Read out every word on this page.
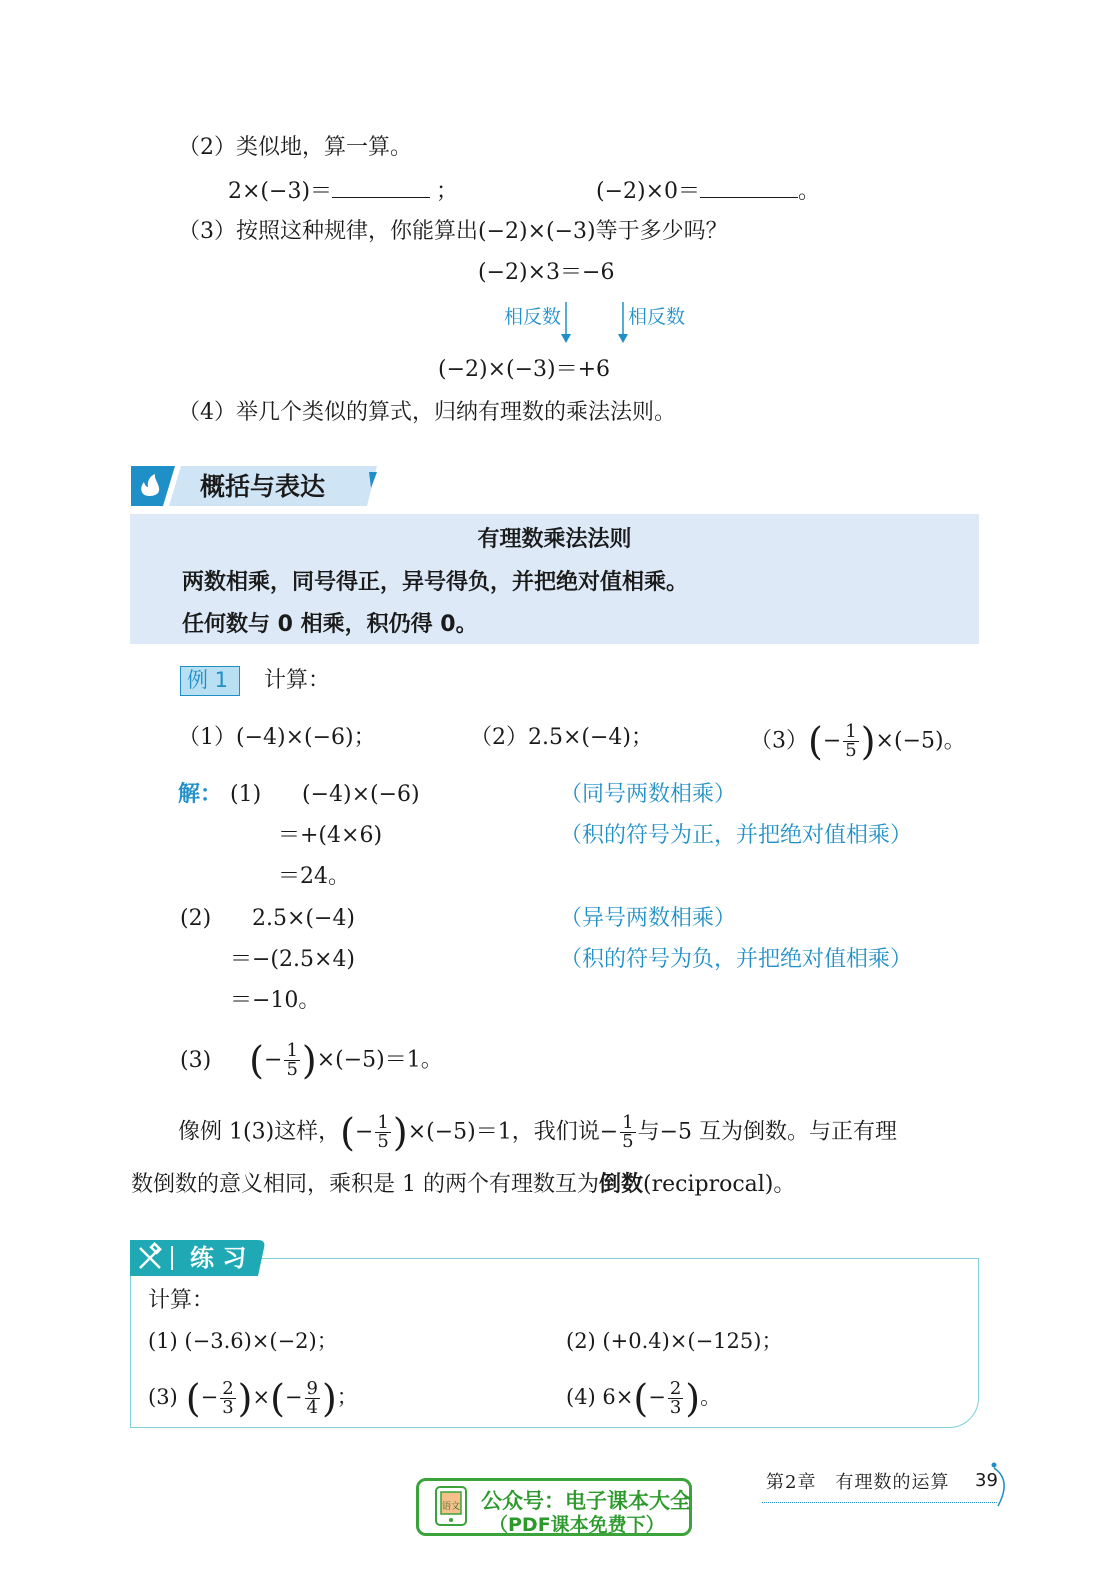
（2）类似地，算一算。
2×(−3)＝	；	(−2)×0＝	。
（3）按照这种规律，你能算出(−2)×(−3)等于多少吗？
(−2)×3＝−6
相反数	相反数
(−2)×(−3)＝+6
（4）举几个类似的算式，归纳有理数的乘法法则。
概括与表达
有理数乘法法则
两数相乘，同号得正，异号得负，并把绝对值相乘。
任何数与 0 相乘，积仍得 0。
例 1	计算：
（1）(−4)×(−6)；	（2）2.5×(−4)；	$(3)(- \frac{1}{5} )\times(-5)$。
解： (1) (−4)×(−6)
＝+(4×6)
＝24。
（同号两数相乘）
（积的符号为正，并把绝对值相乘）
(2) 2.5×(−4)
＝−(2.5×4)
＝−10。
（异号两数相乘）
（积的符号为负，并把绝对值相乘）
(3) (− $\frac{1}{5} )\times(-5)=1$。
像例 1(3)这样，(− $\frac{1}{5} )\times(-5)=1$，我们说− $\frac{1}{5}$ 与−5 互为倒数。与正有理
数倒数的意义相同，乘积是 1 的两个有理数互为倒数(reciprocal)。
练 习
计算：
(1) (−3.6)×(−2)；	(2) (+0.4)×(−125)；
(3) (− $\frac{2}{3}$ )×(− $\frac{9}{4}$ )；	(4) $6\times(- \frac{2}{3}$ )。
第2章　有理数的运算 39
语文 公众号：电子课本大全
（PDF课本免费下）
